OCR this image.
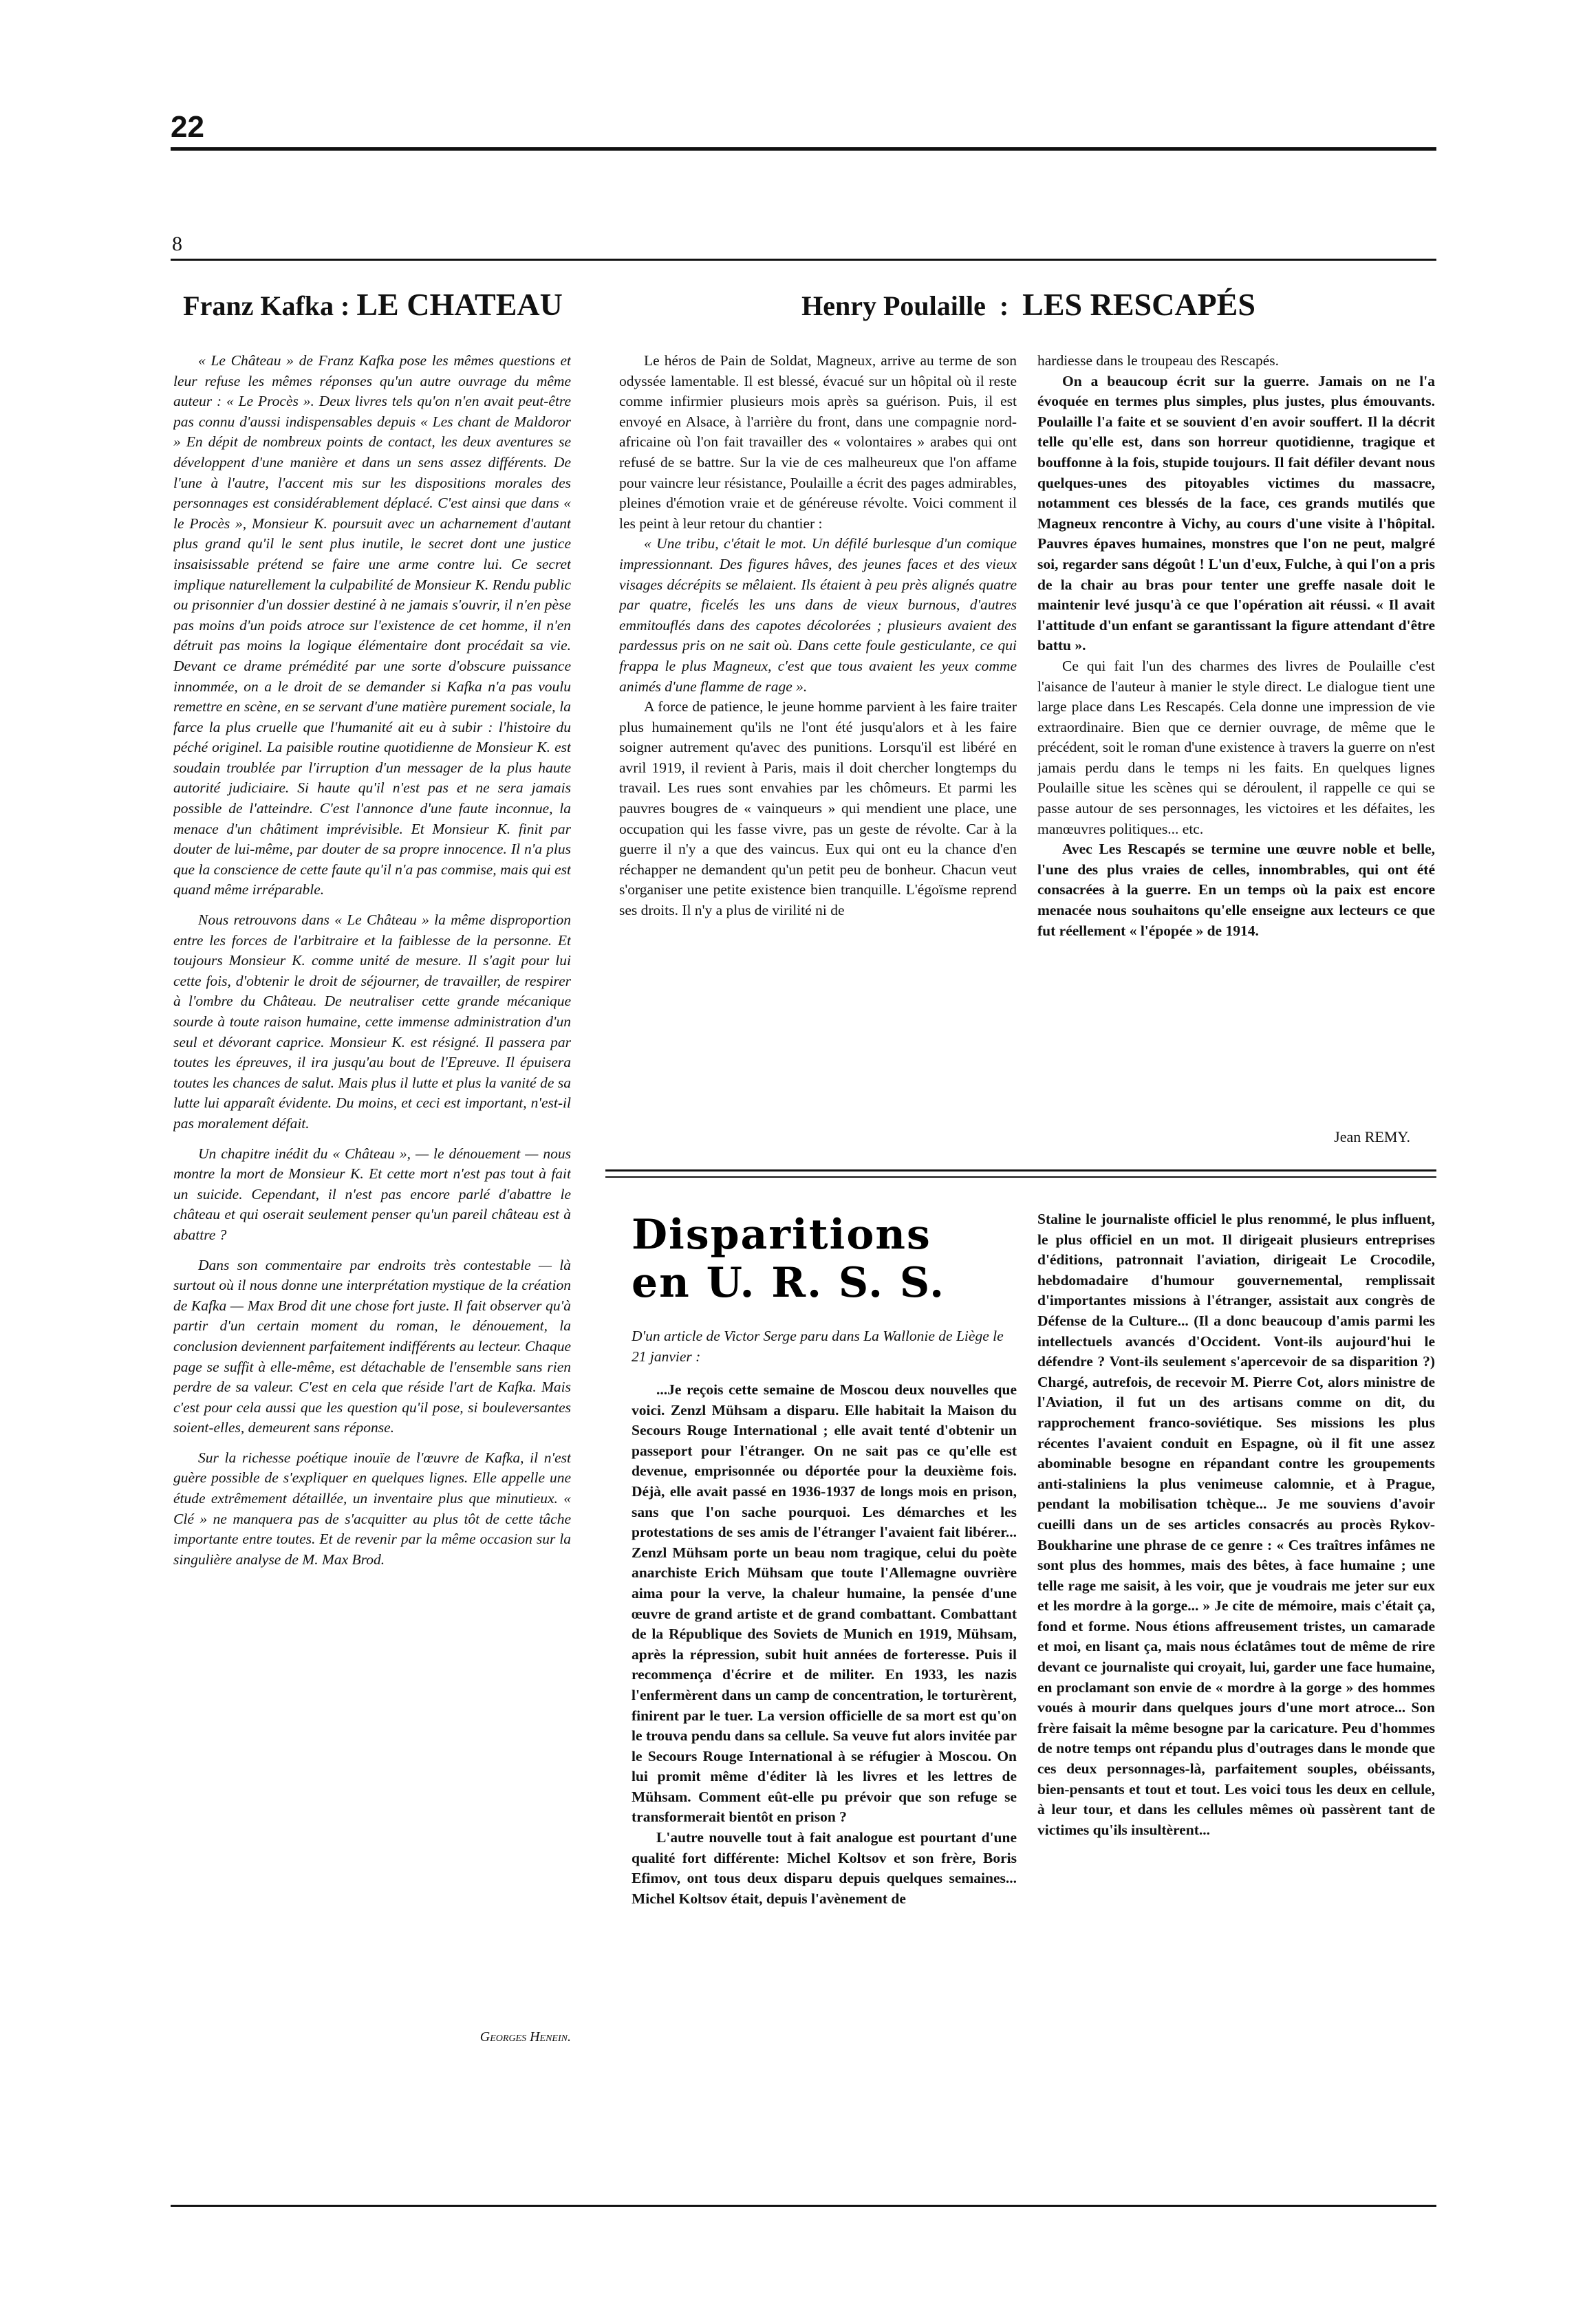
22
8
Franz Kafka : LE CHATEAU

« Le Château » de Franz Kafka pose les mêmes questions et leur refuse les mêmes réponses qu'un autre ouvrage du même auteur : « Le Procès ». Deux livres tels qu'on n'en avait peut-être pas connu d'aussi indispensables depuis « Les chant de Maldoror » En dépit de nombreux points de contact, les deux aventures se développent d'une manière et dans un sens assez différents. De l'une à l'autre, l'accent mis sur les dispositions morales des personnages est considérablement déplacé. C'est ainsi que dans « le Procès », Monsieur K. poursuit avec un acharnement d'autant plus grand qu'il le sent plus inutile, le secret dont une justice insaisissable prétend se faire une arme contre lui. Ce secret implique naturellement la culpabilité de Monsieur K. Rendu public ou prisonnier d'un dossier destiné à ne jamais s'ouvrir, il n'en pèse pas moins d'un poids atroce sur l'existence de cet homme, il n'en détruit pas moins la logique élémentaire dont procédait sa vie. Devant ce drame prémédité par une sorte d'obscure puissance innommée, on a le droit de se demander si Kafka n'a pas voulu remettre en scène, en se servant d'une matière purement sociale, la farce la plus cruelle que l'humanité ait eu à subir : l'histoire du péché originel. La paisible routine quotidienne de Monsieur K. est soudain troublée par l'irruption d'un messager de la plus haute autorité judiciaire. Si haute qu'il n'est pas et ne sera jamais possible de l'atteindre. C'est l'annonce d'une faute inconnue, la menace d'un châtiment imprévisible. Et Monsieur K. finit par douter de lui-même, par douter de sa propre innocence. Il n'a plus que la conscience de cette faute qu'il n'a pas commise, mais qui est quand même irréparable.

Nous retrouvons dans « Le Château » la même disproportion entre les forces de l'arbitraire et la faiblesse de la personne. Et toujours Monsieur K. comme unité de mesure. Il s'agit pour lui cette fois, d'obtenir le droit de séjourner, de travailler, de respirer à l'ombre du Château. De neutraliser cette grande mécanique sourde à toute raison humaine, cette immense administration d'un seul et dévorant caprice. Monsieur K. est résigné. Il passera par toutes les épreuves, il ira jusqu'au bout de l'Epreuve. Il épuisera toutes les chances de salut. Mais plus il lutte et plus la vanité de sa lutte lui apparaît évidente. Du moins, et ceci est important, n'est-il pas moralement défait.

Un chapitre inédit du « Château », — le dénouement — nous montre la mort de Monsieur K. Et cette mort n'est pas tout à fait un suicide. Cependant, il n'est pas encore parlé d'abattre le château et qui oserait seulement penser qu'un pareil château est à abattre ?

Dans son commentaire par endroits très contestable — là surtout où il nous donne une interprétation mystique de la création de Kafka — Max Brod dit une chose fort juste. Il fait observer qu'à partir d'un certain moment du roman, le dénouement, la conclusion deviennent parfaitement indifférents au lecteur. Chaque page se suffit à elle-même, est détachable de l'ensemble sans rien perdre de sa valeur. C'est en cela que réside l'art de Kafka. Mais c'est pour cela aussi que les question qu'il pose, si bouleversantes soient-elles, demeurent sans réponse.

Sur la richesse poétique inouïe de l'œuvre de Kafka, il n'est guère possible de s'expliquer en quelques lignes. Elle appelle une étude extrêmement détaillée, un inventaire plus que minutieux. « Clé » ne manquera pas de s'acquitter au plus tôt de cette tâche importante entre toutes. Et de revenir par la même occasion sur la singulière analyse de M. Max Brod.

Georges Henein.
Henry Poulaille : LES RESCAPÉS

Le héros de Pain de Soldat, Magneux, arrive au terme de son odyssée lamentable. Il est blessé, évacué sur un hôpital où il reste comme infirmier plusieurs mois après sa guérison. Puis, il est envoyé en Alsace, à l'arrière du front, dans une compagnie nord-africaine où l'on fait travailler des « volontaires » arabes qui ont refusé de se battre. Sur la vie de ces malheureux que l'on affame pour vaincre leur résistance, Poulaille a écrit des pages admirables, pleines d'émotion vraie et de généreuse révolte. Voici comment il les peint à leur retour du chantier :

« Une tribu, c'était le mot. Un défilé burlesque d'un comique impressionnant. Des figures hâves, des jeunes faces et des vieux visages décrépits se mêlaient. Ils étaient à peu près alignés quatre par quatre, ficelés les uns dans de vieux burnous, d'autres emmitouflés dans des capotes décolorées ; plusieurs avaient des pardessus pris on ne sait où. Dans cette foule gesticulante, ce qui frappa le plus Magneux, c'est que tous avaient les yeux comme animés d'une flamme de rage ».

A force de patience, le jeune homme parvient à les faire traiter plus humainement qu'ils ne l'ont été jusqu'alors et à les faire soigner autrement qu'avec des punitions. Lorsqu'il est libéré en avril 1919, il revient à Paris, mais il doit chercher longtemps du travail. Les rues sont envahies par les chômeurs. Et parmi les pauvres bougres de « vainqueurs » qui mendient une place, une occupation qui les fasse vivre, pas un geste de révolte. Car à la guerre il n'y a que des vaincus. Eux qui ont eu la chance d'en réchapper ne demandent qu'un petit peu de bonheur. Chacun veut s'organiser une petite existence bien tranquille. L'égoïsme reprend ses droits. Il n'y a plus de virilité ni de

hardiesse dans le troupeau des Rescapés.

On a beaucoup écrit sur la guerre. Jamais on ne l'a évoquée en termes plus simples, plus justes, plus émouvants. Poulaille l'a faite et se souvient d'en avoir souffert. Il la décrit telle qu'elle est, dans son horreur quotidienne, tragique et bouffonne à la fois, stupide toujours. Il fait défiler devant nous quelques-unes des pitoyables victimes du massacre, notamment ces blessés de la face, ces grands mutilés que Magneux rencontre à Vichy, au cours d'une visite à l'hôpital. Pauvres épaves humaines, monstres que l'on ne peut, malgré soi, regarder sans dégoût ! L'un d'eux, Fulche, à qui l'on a pris de la chair au bras pour tenter une greffe nasale doit le maintenir levé jusqu'à ce que l'opération ait réussi. « Il avait l'attitude d'un enfant se garantissant la figure attendant d'être battu ».

Ce qui fait l'un des charmes des livres de Poulaille c'est l'aisance de l'auteur à manier le style direct. Le dialogue tient une large place dans Les Rescapés. Cela donne une impression de vie extraordinaire. Bien que ce dernier ouvrage, de même que le précédent, soit le roman d'une existence à travers la guerre on n'est jamais perdu dans le temps ni les faits. En quelques lignes Poulaille situe les scènes qui se déroulent, il rappelle ce qui se passe autour de ses personnages, les victoires et les défaites, les manœuvres politiques... etc.

Avec Les Rescapés se termine une œuvre noble et belle, l'une des plus vraies de celles, innombrables, qui ont été consacrées à la guerre. En un temps où la paix est encore menacée nous souhaitons qu'elle enseigne aux lecteurs ce que fut réellement « l'épopée » de 1914.

Jean REMY.
Disparitions
en U. R. S. S.
D'un article de Victor Serge paru dans La Wallonie de Liège le 21 janvier :

...Je reçois cette semaine de Moscou deux nouvelles que voici. Zenzl Mühsam a disparu. Elle habitait la Maison du Secours Rouge International ; elle avait tenté d'obtenir un passeport pour l'étranger. On ne sait pas ce qu'elle est devenue, emprisonnée ou déportée pour la deuxième fois. Déjà, elle avait passé en 1936-1937 de longs mois en prison, sans que l'on sache pourquoi. Les démarches et les protestations de ses amis de l'étranger l'avaient fait libérer... Zenzl Mühsam porte un beau nom tragique, celui du poète anarchiste Erich Mühsam que toute l'Allemagne ouvrière aima pour la verve, la chaleur humaine, la pensée d'une œuvre de grand artiste et de grand combattant. Combattant de la République des Soviets de Munich en 1919, Mühsam, après la répression, subit huit années de forteresse. Puis il recommença d'écrire et de militer. En 1933, les nazis l'enfermèrent dans un camp de concentration, le torturèrent, finirent par le tuer. La version officielle de sa mort est qu'on le trouva pendu dans sa cellule. Sa veuve fut alors invitée par le Secours Rouge International à se réfugier à Moscou. On lui promit même d'éditer là les livres et les lettres de Mühsam. Comment eût-elle pu prévoir que son refuge se transformerait bientôt en prison ?

L'autre nouvelle tout à fait analogue est pourtant d'une qualité fort différente: Michel Koltsov et son frère, Boris Efimov, ont tous deux disparu depuis quelques semaines... Michel Koltsov était, depuis l'avènement de

Staline le journaliste officiel le plus renommé, le plus influent, le plus officiel en un mot. Il dirigeait plusieurs entreprises d'éditions, patronnait l'aviation, dirigeait Le Crocodile, hebdomadaire d'humour gouvernemental, remplissait d'importantes missions à l'étranger, assistait aux congrès de Défense de la Culture... (Il a donc beaucoup d'amis parmi les intellectuels avancés d'Occident. Vont-ils aujourd'hui le défendre ? Vont-ils seulement s'apercevoir de sa disparition ?) Chargé, autrefois, de recevoir M. Pierre Cot, alors ministre de l'Aviation, il fut un des artisans comme on dit, du rapprochement franco-soviétique. Ses missions les plus récentes l'avaient conduit en Espagne, où il fit une assez abominable besogne en répandant contre les groupements anti-staliniens la plus venimeuse calomnie, et à Prague, pendant la mobilisation tchèque... Je me souviens d'avoir cueilli dans un de ses articles consacrés au procès Rykov-Boukharine une phrase de ce genre : « Ces traîtres infâmes ne sont plus des hommes, mais des bêtes, à face humaine ; une telle rage me saisit, à les voir, que je voudrais me jeter sur eux et les mordre à la gorge... » Je cite de mémoire, mais c'était ça, fond et forme. Nous étions affreusement tristes, un camarade et moi, en lisant ça, mais nous éclatâmes tout de même de rire devant ce journaliste qui croyait, lui, garder une face humaine, en proclamant son envie de « mordre à la gorge » des hommes voués à mourir dans quelques jours d'une mort atroce... Son frère faisait la même besogne par la caricature. Peu d'hommes de notre temps ont répandu plus d'outrages dans le monde que ces deux personnages-là, parfaitement souples, obéissants, bien-pensants et tout et tout. Les voici tous les deux en cellule, à leur tour, et dans les cellules mêmes où passèrent tant de victimes qu'ils insultèrent...
